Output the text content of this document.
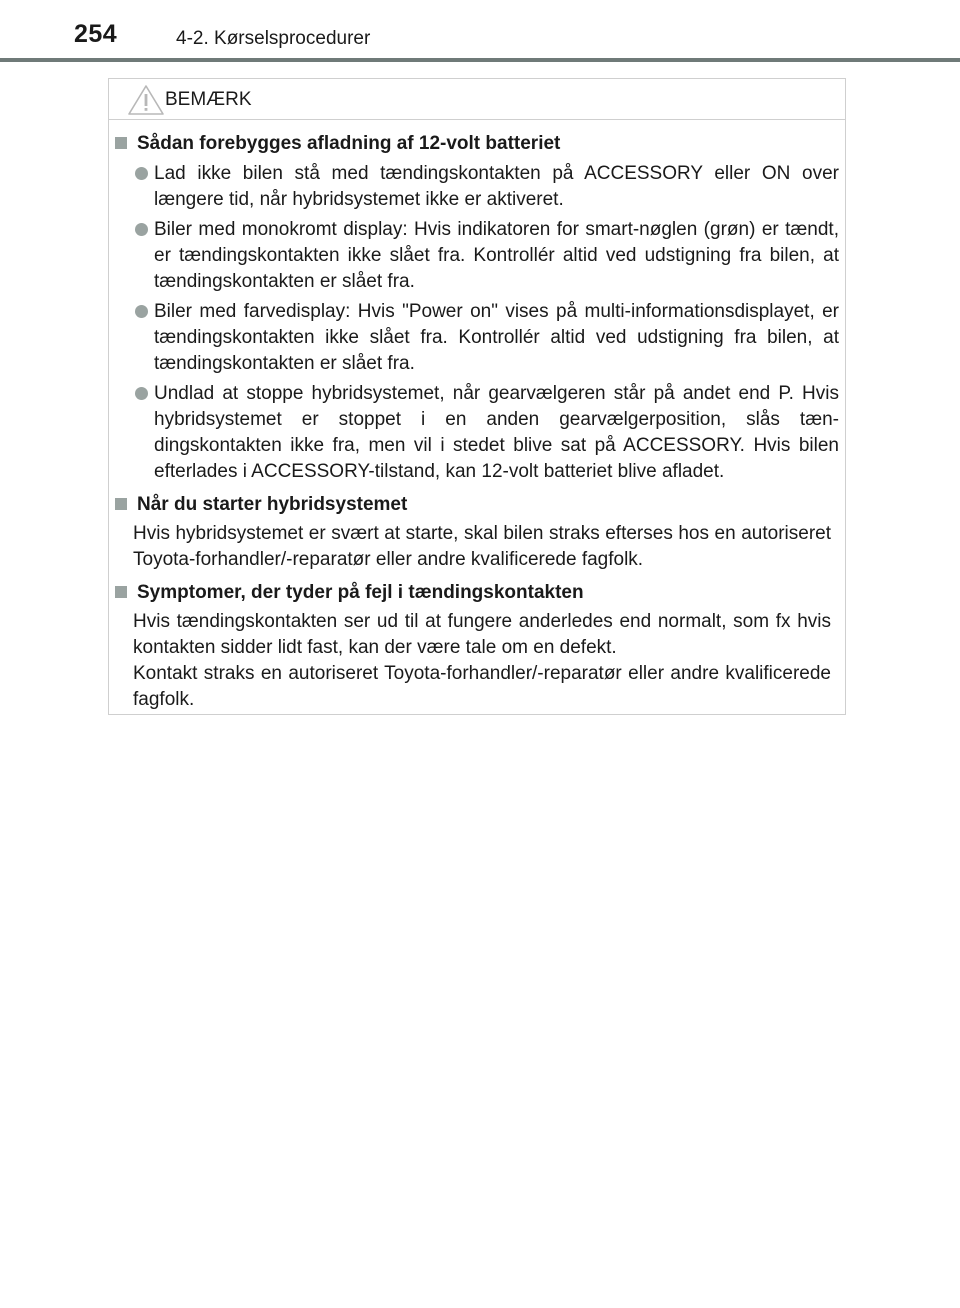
254	4-2. Kørselsprocedurer
BEMÆRK
Sådan forebygges afladning af 12-volt batteriet
Lad ikke bilen stå med tændingskontakten på ACCESSORY eller ON over længere tid, når hybridsystemet ikke er aktiveret.
Biler med monokromt display: Hvis indikatoren for smart-nøglen (grøn) er tændt, er tændingskontakten ikke slået fra. Kontrollér altid ved udstigning fra bilen, at tændingskontakten er slået fra.
Biler med farvedisplay: Hvis "Power on" vises på multi-informationsdisplayet, er tændingskontakten ikke slået fra. Kontrollér altid ved udstigning fra bilen, at tændingskontakten er slået fra.
Undlad at stoppe hybridsystemet, når gearvælgeren står på andet end P. Hvis hybridsystemet er stoppet i en anden gearvælgerposition, slås tændingskontakten ikke fra, men vil i stedet blive sat på ACCESSORY. Hvis bilen efterlades i ACCESSORY-tilstand, kan 12-volt batteriet blive afladet.
Når du starter hybridsystemet
Hvis hybridsystemet er svært at starte, skal bilen straks efterses hos en autoriseret Toyota-forhandler/-reparatør eller andre kvalificerede fagfolk.
Symptomer, der tyder på fejl i tændingskontakten
Hvis tændingskontakten ser ud til at fungere anderledes end normalt, som fx hvis kontakten sidder lidt fast, kan der være tale om en defekt.
Kontakt straks en autoriseret Toyota-forhandler/-reparatør eller andre kvalificerede fagfolk.
